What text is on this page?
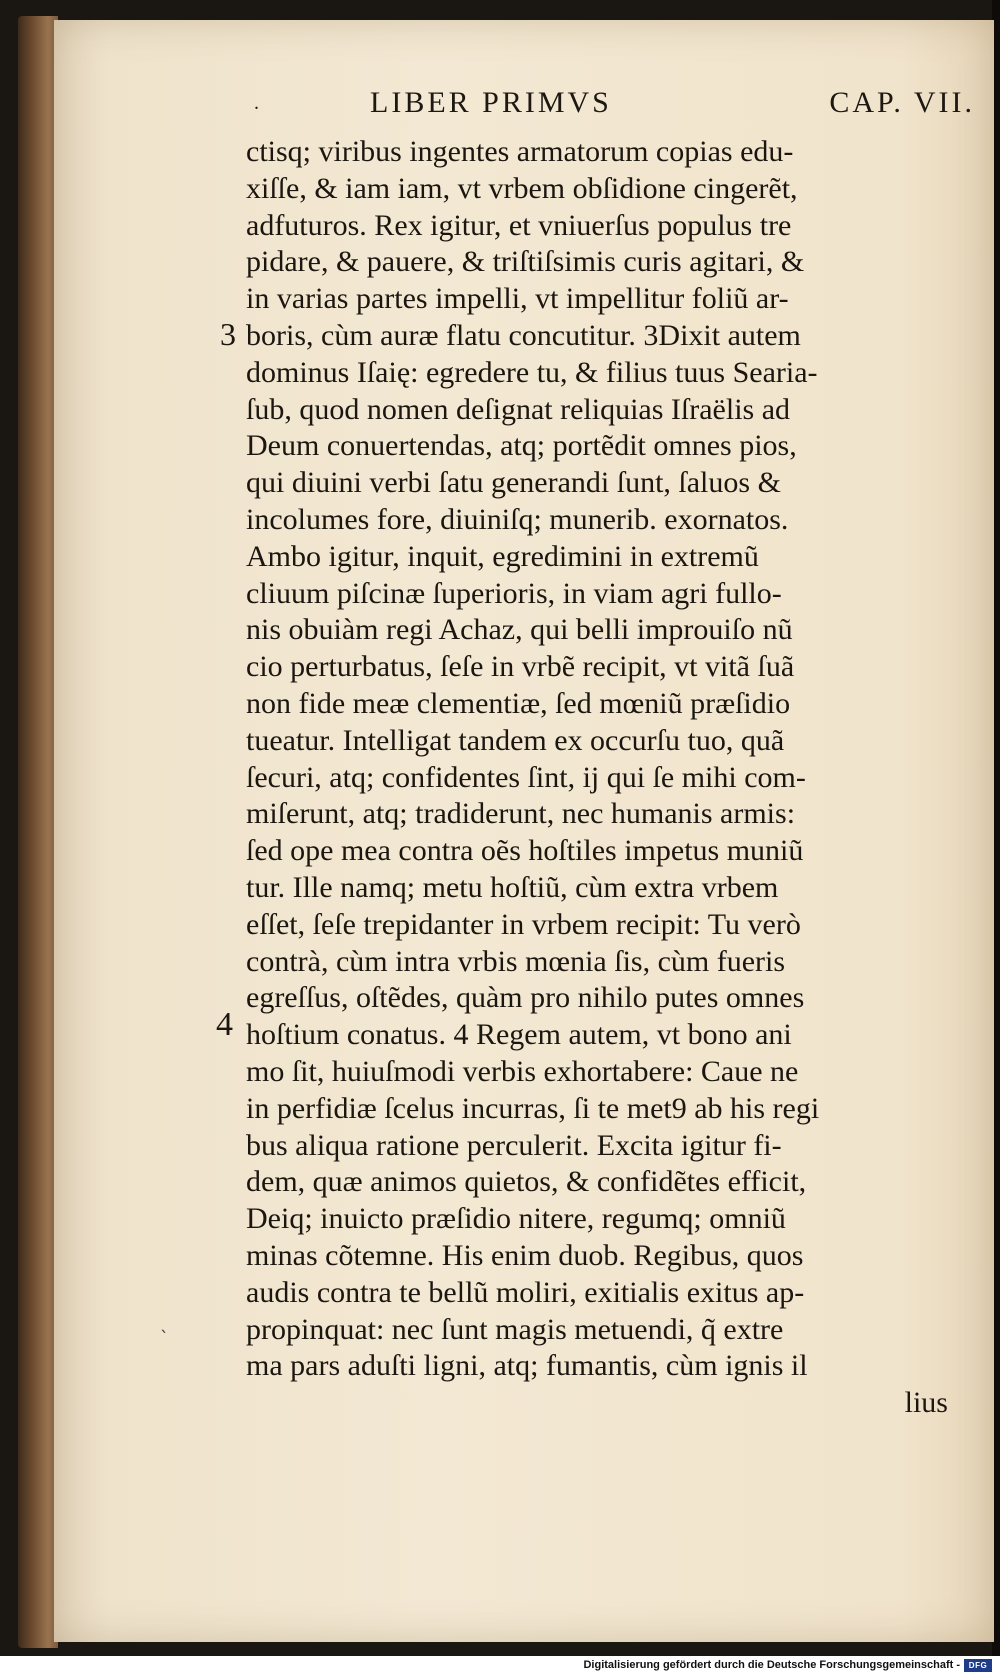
.	LIBER PRIMVS	CAP. VII.
3
4
ˋ
ctisq; viribus ingentes armatorum copias edu-
xiſſe, & iam iam, vt vrbem obſidione cingerẽt,
adfuturos. Rex igitur, et vniuerſus populus tre
pidare, & pauere, & triſtiſsimis curis agitari, &
in varias partes impelli, vt impellitur foliũ ar-
boris, cùm auræ flatu concutitur. 3Dixit autem
dominus Iſaię: egredere tu, & filius tuus Searia-
ſub, quod nomen deſignat reliquias Iſraëlis ad
Deum conuertendas, atq; portẽdit omnes pios,
qui diuini verbi ſatu generandi ſunt, ſaluos &
incolumes fore, diuiniſq; munerib. exornatos.
Ambo igitur, inquit, egredimini in extremũ
cliuum piſcinæ ſuperioris, in viam agri fullo-
nis obuiàm regi Achaz, qui belli improuiſo nũ
cio perturbatus, ſeſe in vrbẽ recipit, vt vitã ſuã
non fide meæ clementiæ, ſed mœniũ præſidio
tueatur. Intelligat tandem ex occurſu tuo, quã
ſecuri, atq; confidentes ſint, ij qui ſe mihi com-
miſerunt, atq; tradiderunt, nec humanis armis:
ſed ope mea contra oẽs hoſtiles impetus muniũ
tur. Ille namq; metu hoſtiũ, cùm extra vrbem
eſſet, ſeſe trepidanter in vrbem recipit: Tu verò
contrà, cùm intra vrbis mœnia ſis, cùm fueris
egreſſus, oſtẽdes, quàm pro nihilo putes omnes
hoſtium conatus. 4 Regem autem, vt bono ani
mo ſit, huiuſmodi verbis exhortabere: Caue ne
in perfidiæ ſcelus incurras, ſi te met9 ab his regi
bus aliqua ratione perculerit. Excita igitur fi-
dem, quæ animos quietos, & confidẽtes efficit,
Deiq; inuicto præſidio nitere, regumq; omniũ
minas cõtemne. His enim duob. Regibus, quos
audis contra te bellũ moliri, exitialis exitus ap-
propinquat: nec ſunt magis metuendi, q̃ extre
ma pars aduſti ligni, atq; fumantis, cùm ignis il
lius
Digitalisierung gefördert durch die Deutsche Forschungsgemeinschaft -	DFG
